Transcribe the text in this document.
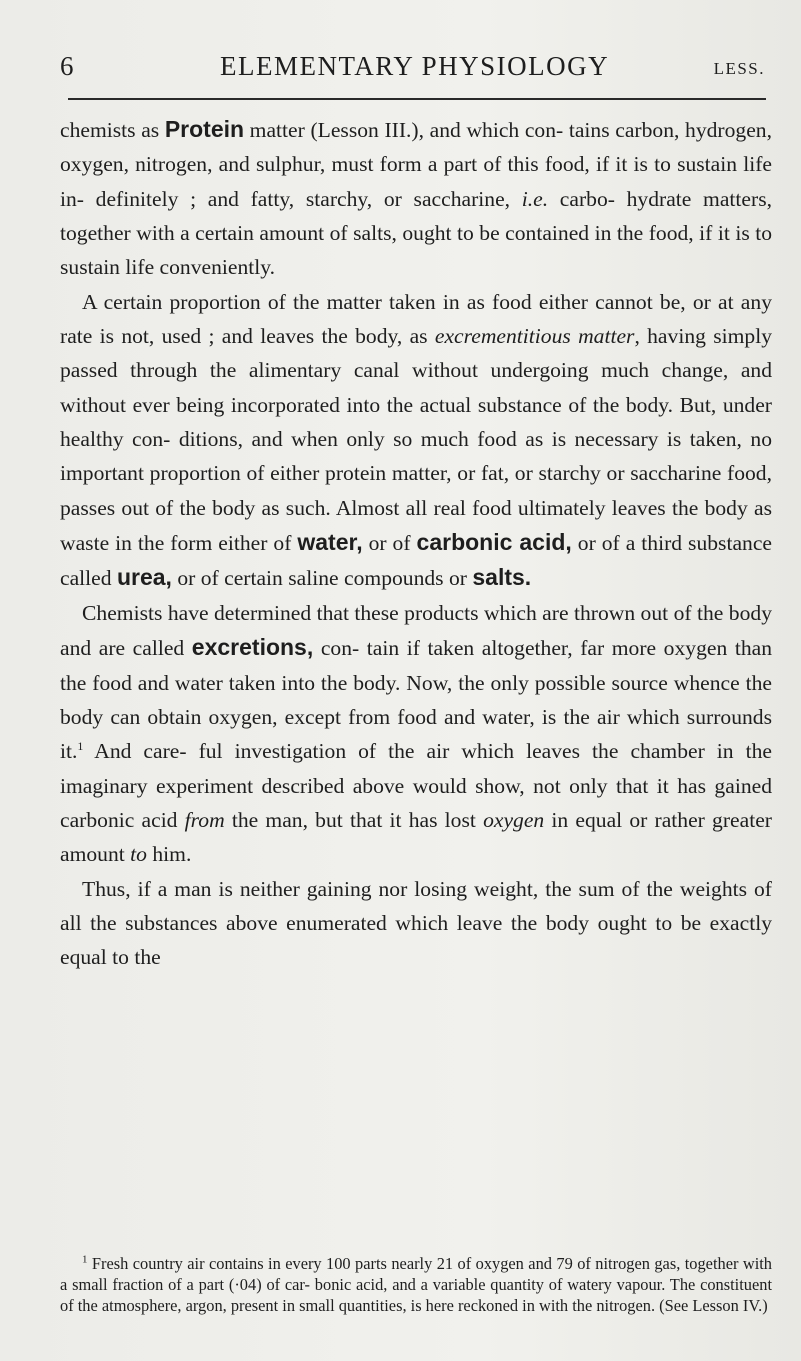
6	ELEMENTARY PHYSIOLOGY	LESS.

chemists as Protein matter (Lesson III.), and which con- tains carbon, hydrogen, oxygen, nitrogen, and sulphur, must form a part of this food, if it is to sustain life in- definitely ; and fatty, starchy, or saccharine, i.e. carbo- hydrate matters, together with a certain amount of salts, ought to be contained in the food, if it is to sustain life conveniently.

A certain proportion of the matter taken in as food either cannot be, or at any rate is not, used ; and leaves the body, as excrementitious matter, having simply passed through the alimentary canal without undergoing much change, and without ever being incorporated into the actual substance of the body. But, under healthy con- ditions, and when only so much food as is necessary is taken, no important proportion of either protein matter, or fat, or starchy or saccharine food, passes out of the body as such. Almost all real food ultimately leaves the body as waste in the form either of water, or of carbonic acid, or of a third substance called urea, or of certain saline compounds or salts.

Chemists have determined that these products which are thrown out of the body and are called excretions, con- tain if taken altogether, far more oxygen than the food and water taken into the body. Now, the only possible source whence the body can obtain oxygen, except from food and water, is the air which surrounds it.$^1$ And care- ful investigation of the air which leaves the chamber in the imaginary experiment described above would show, not only that it has gained carbonic acid from the man, but that it has lost oxygen in equal or rather greater amount to him.

Thus, if a man is neither gaining nor losing weight, the sum of the weights of all the substances above enumerated which leave the body ought to be exactly equal to the

$^1$ Fresh country air contains in every 100 parts nearly 21 of oxygen and 79 of nitrogen gas, together with a small fraction of a part (·04) of car- bonic acid, and a variable quantity of watery vapour. The constituent of the atmosphere, argon, present in small quantities, is here reckoned in with the nitrogen. (See Lesson IV.)
